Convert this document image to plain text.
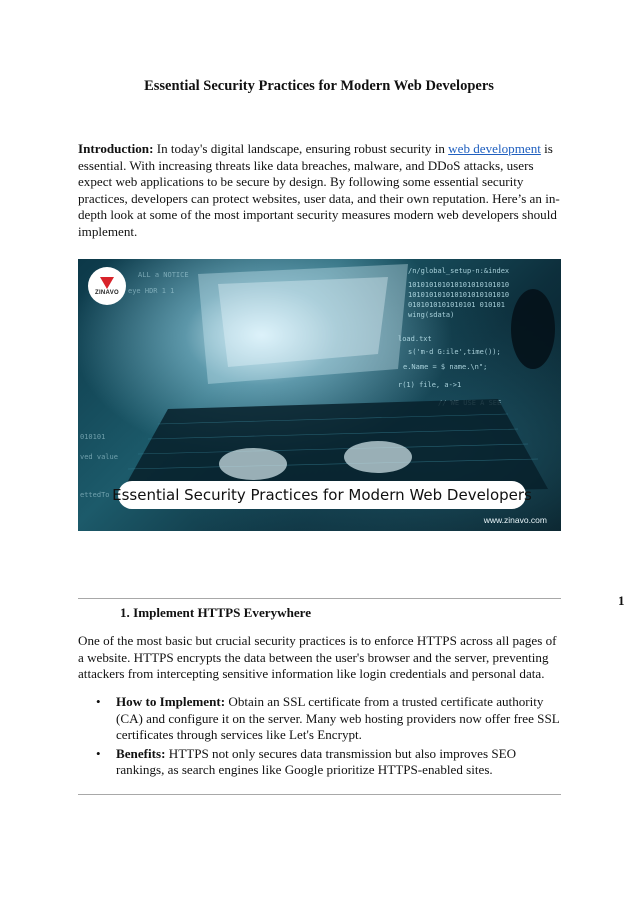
Essential Security Practices for Modern Web Developers

Introduction: In today's digital landscape, ensuring robust security in web development is essential. With increasing threats like data breaches, malware, and DDoS attacks, users expect web applications to be secure by design. By following some essential security practices, developers can protect websites, user data, and their own reputation. Here’s an in-depth look at some of the most important security measures modern web developers should implement.

/n/global_setup-n:&index
101010101010101010101010
101010101010101010101010
0101010101010101 010101
wing(sdata)
load.txt
s('m-d G:ile',time());
e.Name = $ name.\n";
r(1) file, a->1
ALL a NOTICE
eye HDR 1 1
010101
ved value
ettedTo
ZINAVO
Essential Security Practices for Modern Web Developers
www.zinavo.com
1
1. Implement HTTPS Everywhere

One of the most basic but crucial security practices is to enforce HTTPS across all pages of a website. HTTPS encrypts the data between the user's browser and the server, preventing attackers from intercepting sensitive information like login credentials and personal data.

• How to Implement: Obtain an SSL certificate from a trusted certificate authority (CA) and configure it on the server. Many web hosting providers now offer free SSL certificates through services like Let's Encrypt.
• Benefits: HTTPS not only secures data transmission but also improves SEO rankings, as search engines like Google prioritize HTTPS-enabled sites.
